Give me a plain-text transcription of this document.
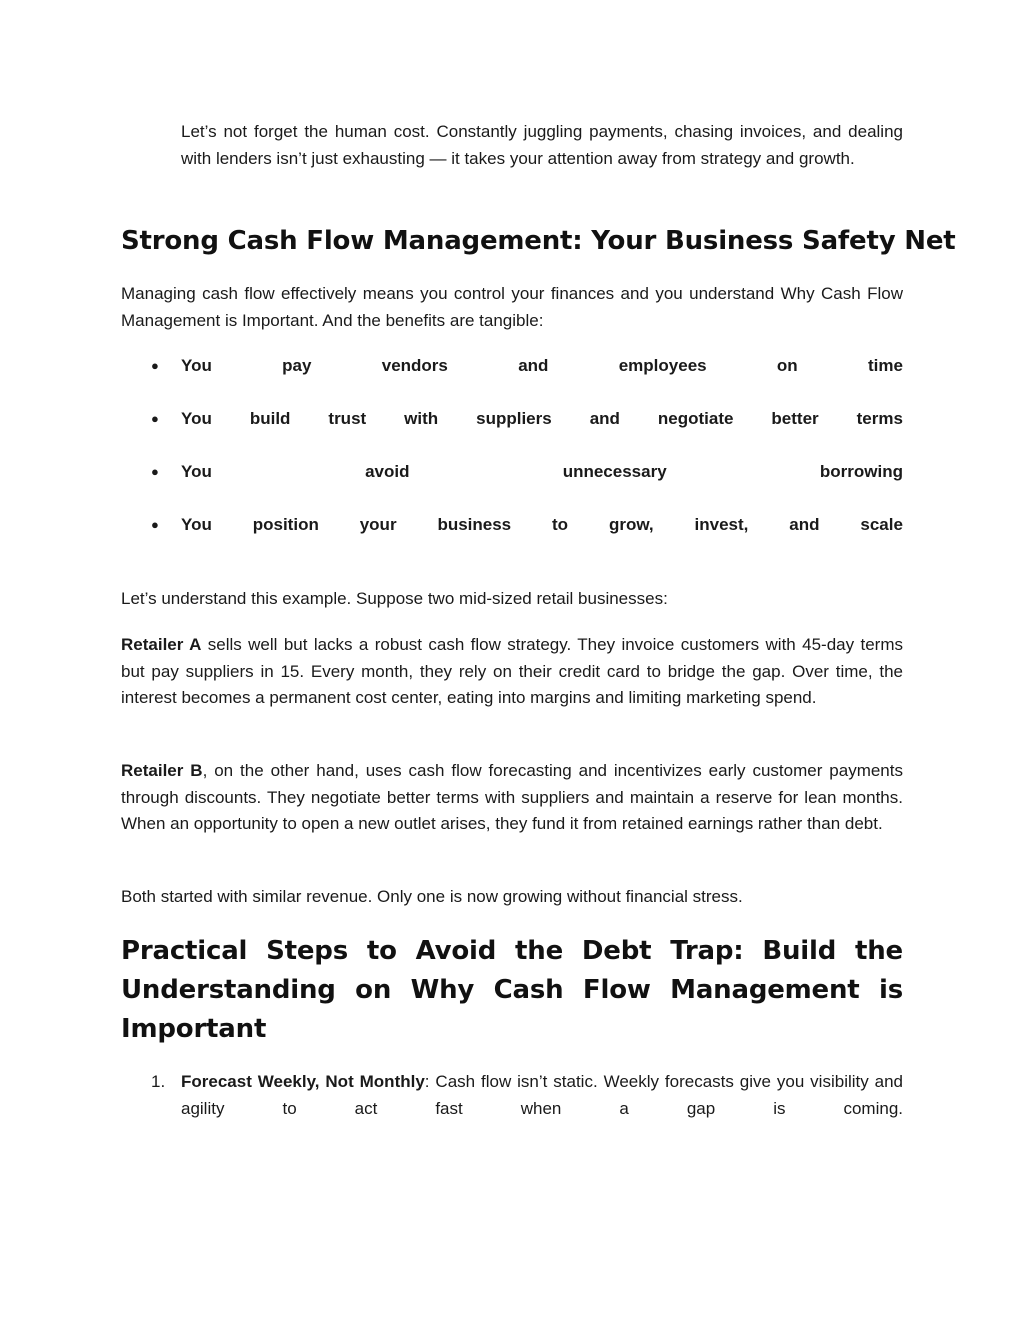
Let’s not forget the human cost. Constantly juggling payments, chasing invoices, and dealing with lenders isn’t just exhausting — it takes your attention away from strategy and growth.

Strong Cash Flow Management: Your Business Safety Net

Managing cash flow effectively means you control your finances and you understand Why Cash Flow Management is Important. And the benefits are tangible:

● You	pay	vendors	and	employees	on	time
● You build trust with suppliers and negotiate better terms
● You	avoid	unnecessary	borrowing
● You position your business to grow, invest, and scale

Let’s understand this example. Suppose two mid-sized retail businesses:

Retailer A sells well but lacks a robust cash flow strategy. They invoice customers with 45-day terms but pay suppliers in 15. Every month, they rely on their credit card to bridge the gap. Over time, the interest becomes a permanent cost center, eating into margins and limiting marketing spend.

Retailer B, on the other hand, uses cash flow forecasting and incentivizes early customer payments through discounts. They negotiate better terms with suppliers and maintain a reserve for lean months. When an opportunity to open a new outlet arises, they fund it from retained earnings rather than debt.

Both started with similar revenue. Only one is now growing without financial stress.

Practical Steps to Avoid the Debt Trap: Build the Understanding on Why Cash Flow Management is Important
1. Forecast Weekly, Not Monthly: Cash flow isn’t static. Weekly forecasts give you visibility and agility to act fast when a gap is coming.
